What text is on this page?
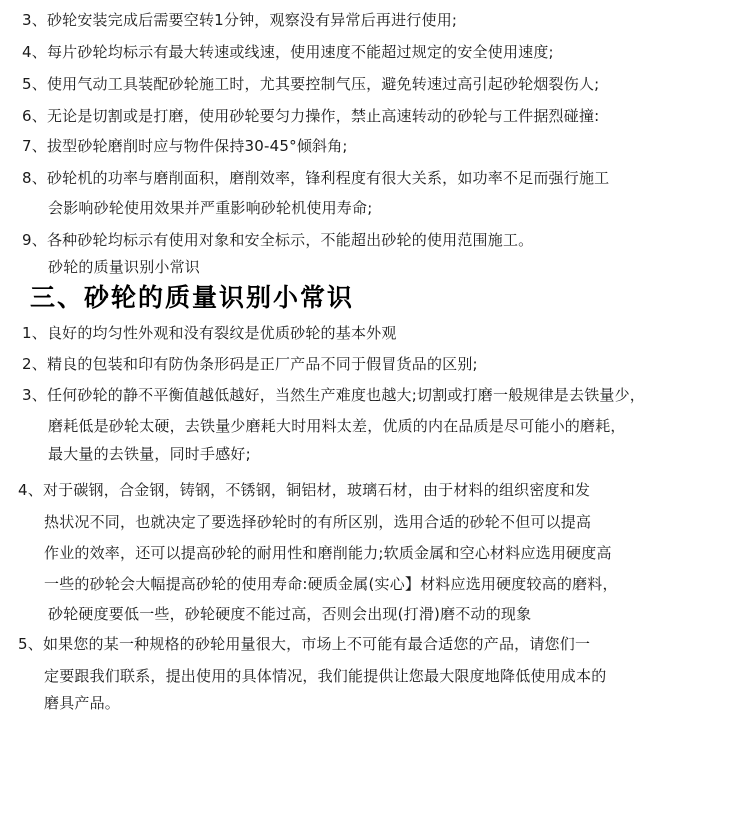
3、砂轮安装完成后需要空转1分钟，观察没有异常后再进行使用;
4、每片砂轮均标示有最大转速或线速，使用速度不能超过规定的安全使用速度;
5、使用气动工具装配砂轮施工时，尤其要控制气压，避免转速过高引起砂轮烟裂伤人;
6、无论是切割或是打磨，使用砂轮要匀力操作，禁止高速转动的砂轮与工件据烈碰撞:
7、拔型砂轮磨削时应与物件保持30-45°倾斜角;
8、砂轮机的功率与磨削面积，磨削效率，锋利程度有很大关系，如功率不足而强行施工
会影响砂轮使用效果并严重影响砂轮机使用寿命;
9、各种砂轮均标示有使用对象和安全标示，不能超出砂轮的使用范围施工。
砂轮的质量识别小常识
三、砂轮的质量识别小常识
1、良好的均匀性外观和没有裂纹是优质砂轮的基本外观
2、精良的包装和印有防伪条形码是正厂产品不同于假冒货品的区别;
3、任何砂轮的静不平衡值越低越好，当然生产难度也越大;切割或打磨一般规律是去铁量少，
磨耗低是砂轮太硬，去铁量少磨耗大时用料太差，优质的内在品质是尽可能小的磨耗，
最大量的去铁量，同时手感好;
4、对于碳钢，合金钢，铸钢，不锈钢，铜铝材，玻璃石材，由于材料的组织密度和发
热状况不同，也就决定了要选择砂轮时的有所区别，选用合适的砂轮不但可以提高
作业的效率，还可以提高砂轮的耐用性和磨削能力;软质金属和空心材料应选用硬度高
一些的砂轮会大幅提高砂轮的使用寿命:硬质金属(实心】材料应选用硬度较高的磨料，
砂轮硬度要低一些，砂轮硬度不能过高，否则会出现(打滑)磨不动的现象
5、如果您的某一种规格的砂轮用量很大，市场上不可能有最合适您的产品，请您们一
定要跟我们联系，提出使用的具体情况，我们能提供让您最大限度地降低使用成本的
磨具产品。
